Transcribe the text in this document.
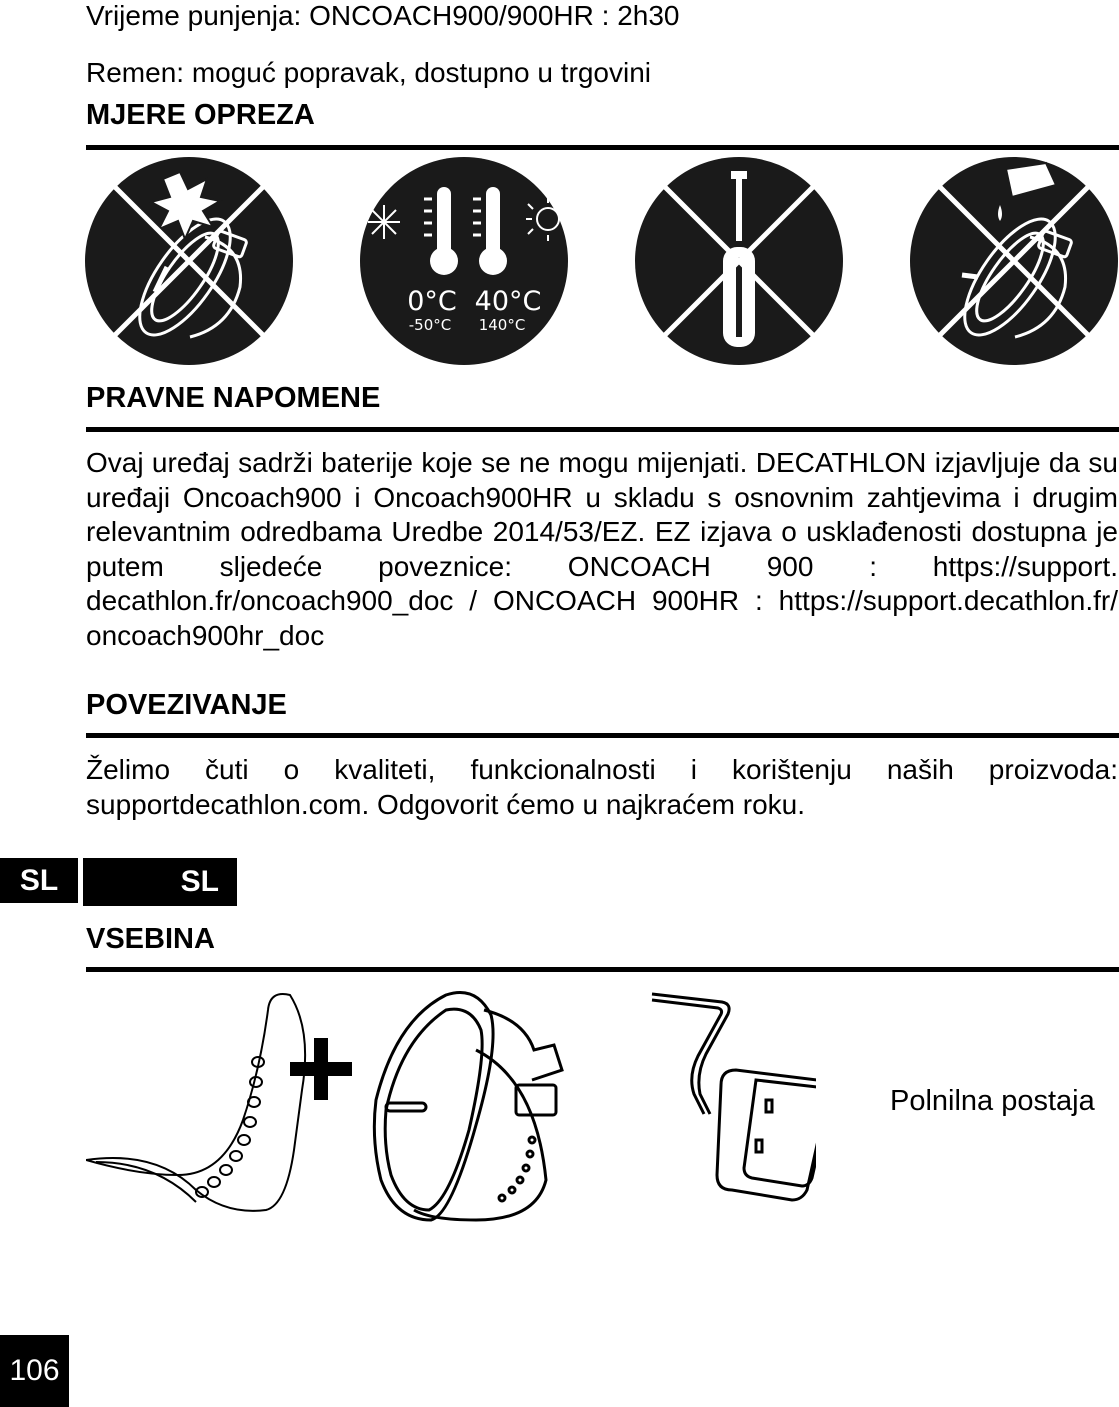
Vrijeme punjenja: ONCOACH900/900HR : 2h30
Remen: moguć popravak, dostupno u trgovini
MJERE OPREZA
0°C
-50°C
40°C
140°C
PRAVNE NAPOMENE
Ovaj uređaj sadrži baterije koje se ne mogu mijenjati. DECATHLON izjavljuje da su uređaji Oncoach900 i Oncoach900HR u skladu s osnovnim zahtjevima i drugim relevantnim odredbama Uredbe 2014/53/EZ. EZ izjava o usklađenosti dostupna je putem sljedeće poveznice: ONCOACH 900 : https://support. decathlon.fr/oncoach900_doc / ONCOACH 900HR : https://support.decathlon.fr/ oncoach900hr_doc
POVEZIVANJE
Želimo čuti o kvaliteti, funkcionalnosti i korištenju naših proizvoda: supportdecathlon.com. Odgovorit ćemo u najkraćem roku.
SL	SL
VSEBINA
Polnilna postaja
106
